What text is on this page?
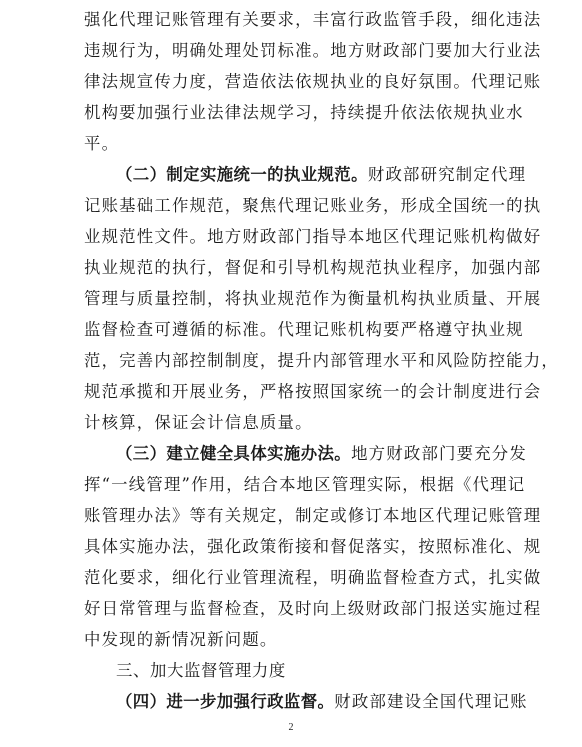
强化代理记账管理有关要求，丰富行政监管手段，细化违法
违规行为，明确处理处罚标准。地方财政部门要加大行业法
律法规宣传力度，营造依法依规执业的良好氛围。代理记账
机构要加强行业法律法规学习，持续提升依法依规执业水
平。
（二）制定实施统一的执业规范。财政部研究制定代理
记账基础工作规范，聚焦代理记账业务，形成全国统一的执
业规范性文件。地方财政部门指导本地区代理记账机构做好
执业规范的执行，督促和引导机构规范执业程序，加强内部
管理与质量控制，将执业规范作为衡量机构执业质量、开展
监督检查可遵循的标准。代理记账机构要严格遵守执业规
范，完善内部控制制度，提升内部管理水平和风险防控能力，
规范承揽和开展业务，严格按照国家统一的会计制度进行会
计核算，保证会计信息质量。
（三）建立健全具体实施办法。地方财政部门要充分发
挥“一线管理”作用，结合本地区管理实际，根据《代理记
账管理办法》等有关规定，制定或修订本地区代理记账管理
具体实施办法，强化政策衔接和督促落实，按照标准化、规
范化要求，细化行业管理流程，明确监督检查方式，扎实做
好日常管理与监督检查，及时向上级财政部门报送实施过程
中发现的新情况新问题。
三、加大监督管理力度
（四）进一步加强行政监督。财政部建设全国代理记账
2
